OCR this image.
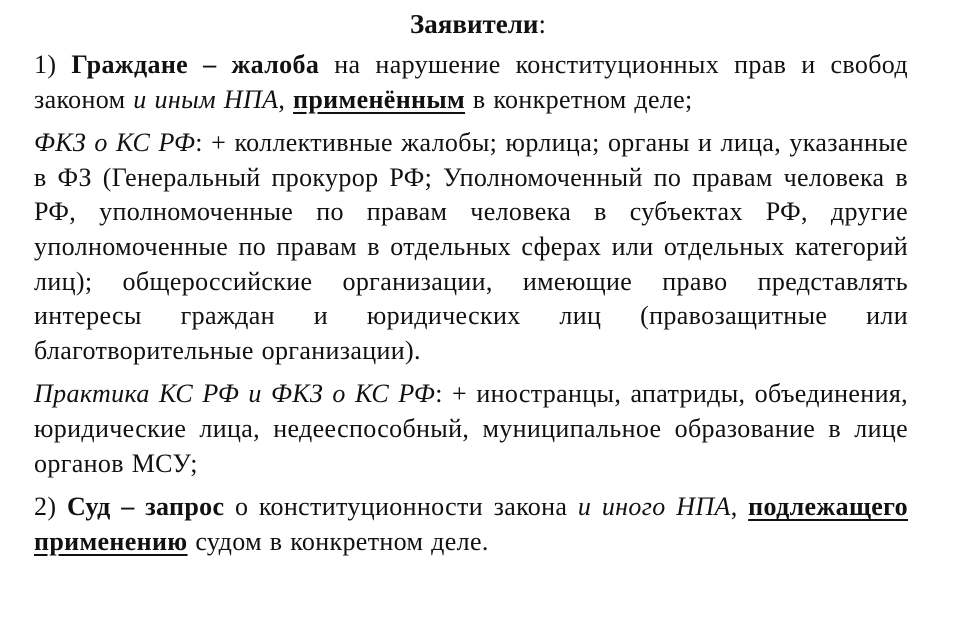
Заявители:

1) Граждане – жалоба на нарушение конституционных прав и свобод законом и иным НПА, применённым в конкретном деле;

ФКЗ о КС РФ: + коллективные жалобы; юрлица; органы и лица, указанные в ФЗ (Генеральный прокурор РФ; Уполномоченный по правам человека в РФ, уполномоченные по правам человека в субъектах РФ, другие уполномоченные по правам в отдельных сферах или отдельных категорий лиц); общероссийские организации, имеющие право представлять интересы граждан и юридических лиц (правозащитные или благотворительные организации).

Практика КС РФ и ФКЗ о КС РФ: + иностранцы, апатриды, объединения, юридические лица, недееспособный, муниципальное образование в лице органов МСУ;

2) Суд – запрос о конституционности закона и иного НПА, подлежащего применению судом в конкретном деле.
